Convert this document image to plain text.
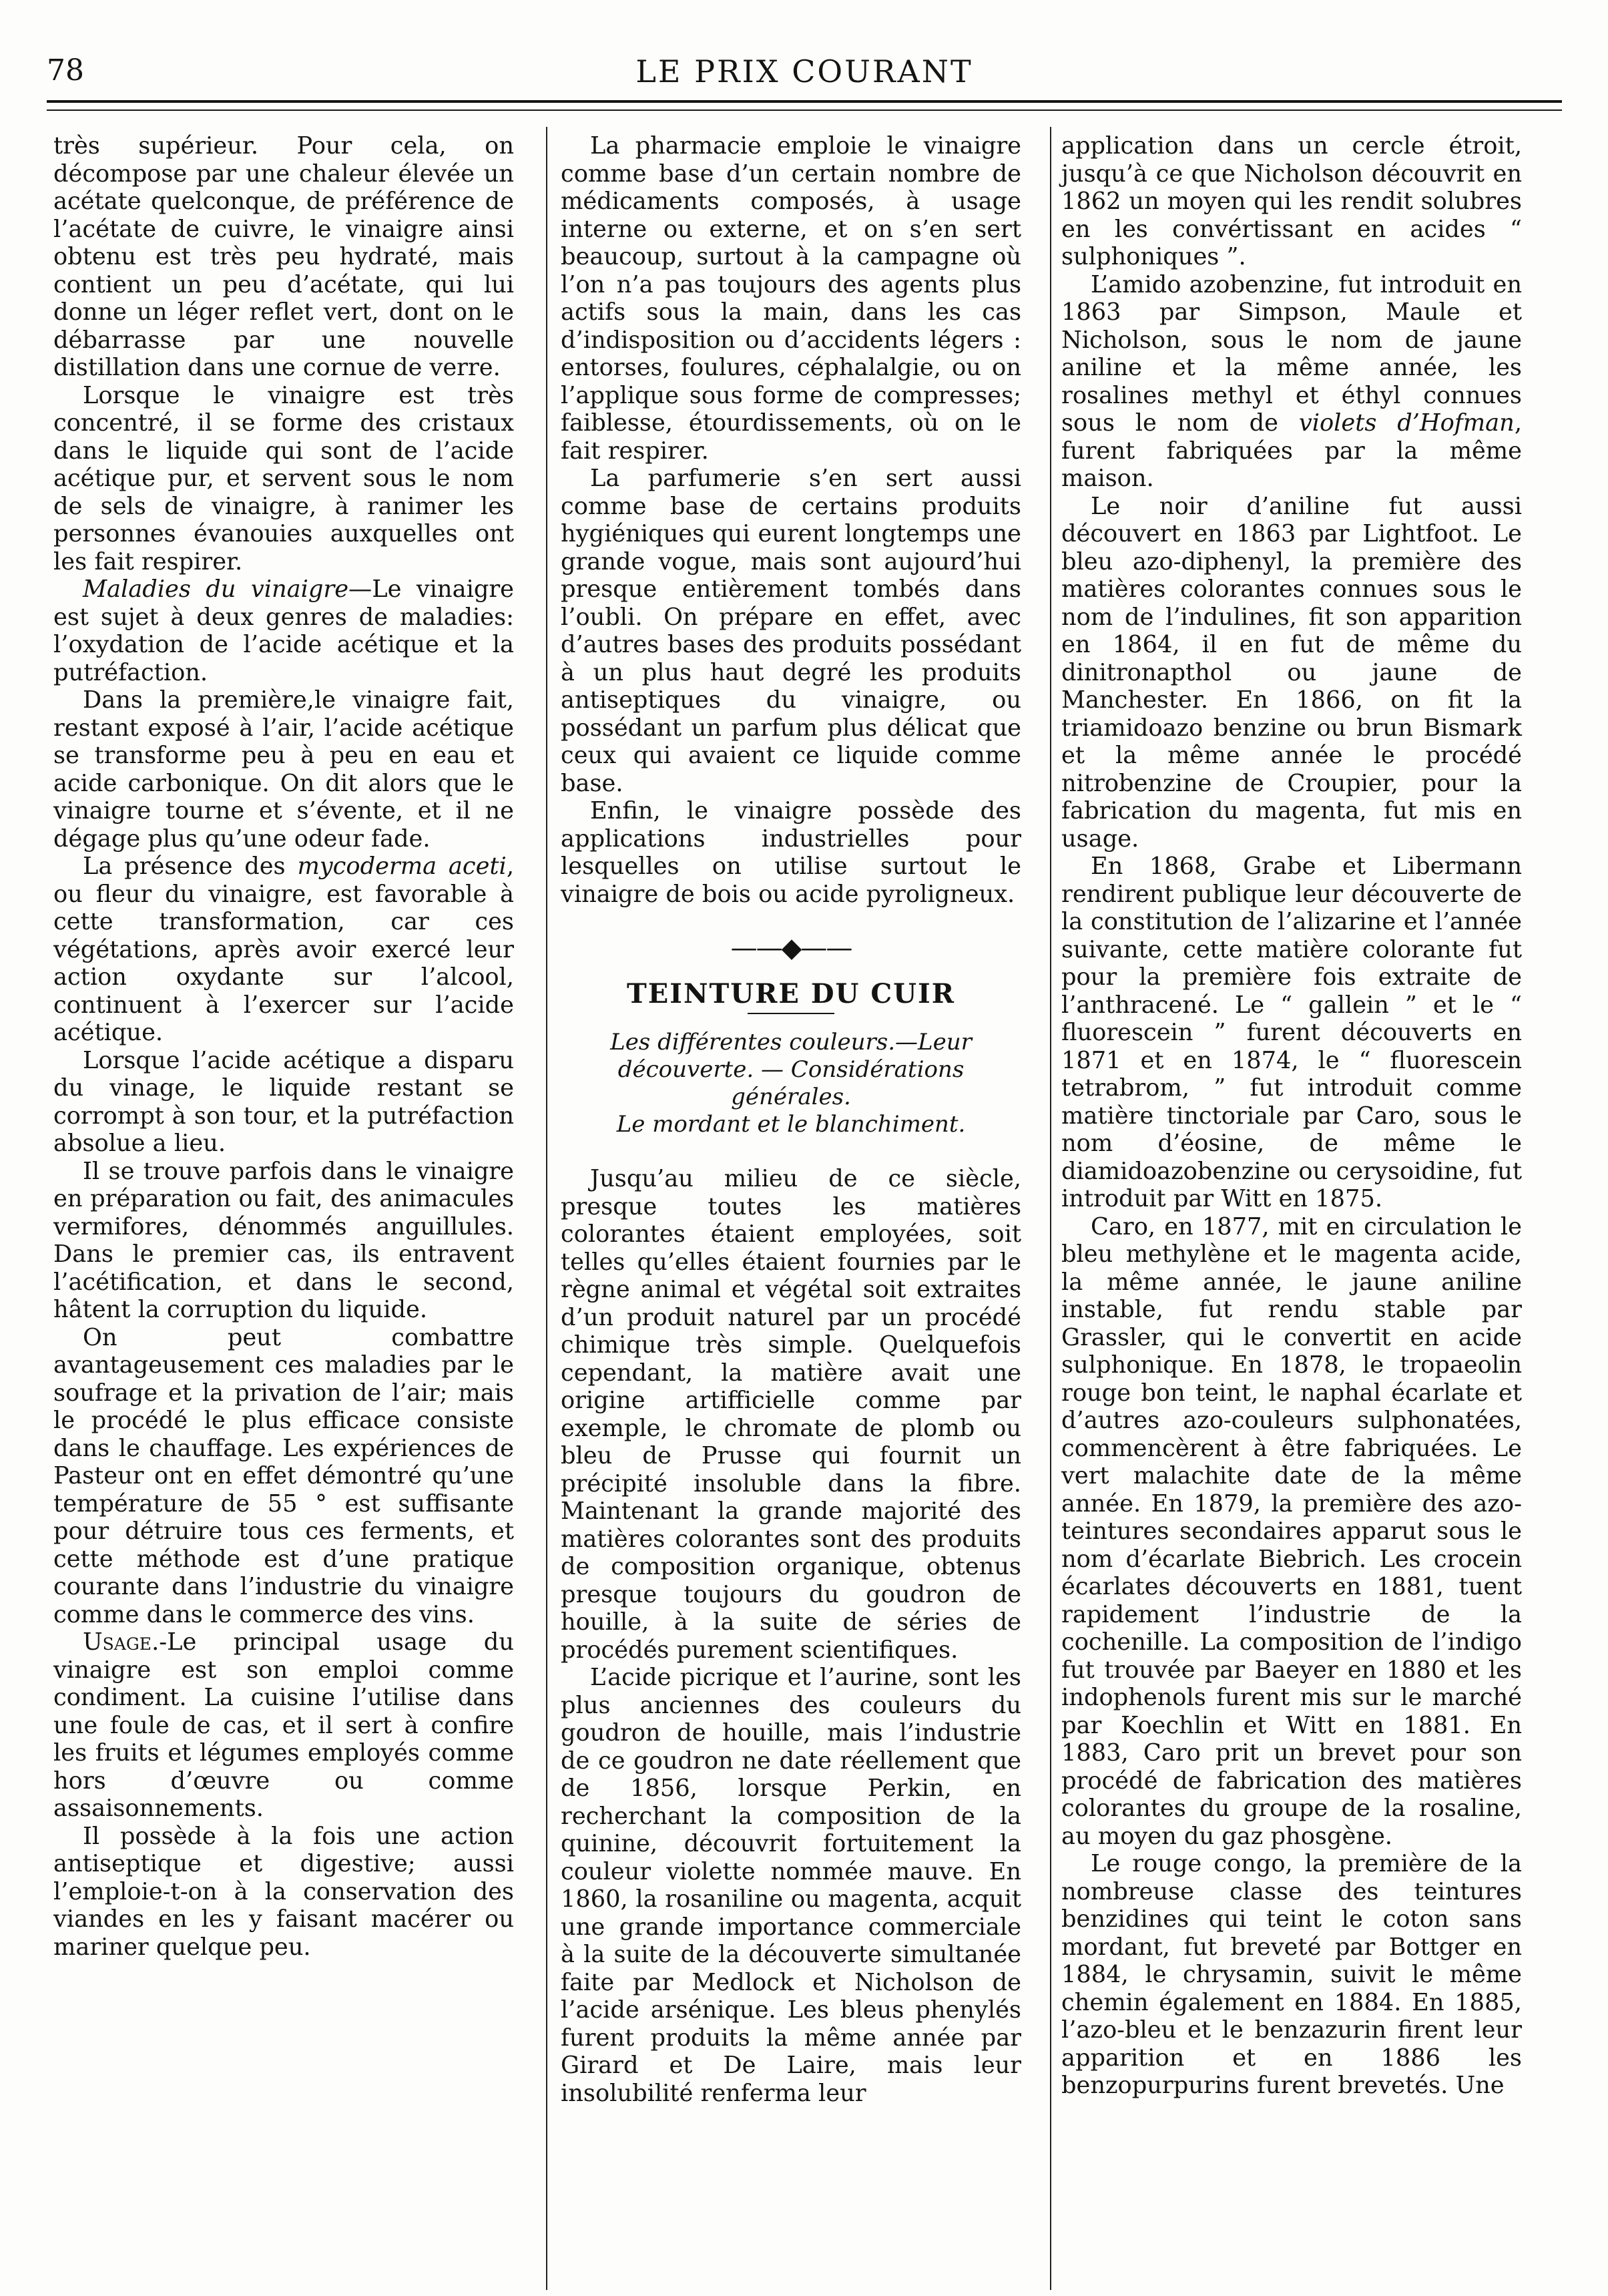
78	LE PRIX COURANT

très supérieur. Pour cela, on décompose par une chaleur élevée un acétate quelconque, de préférence de l’acétate de cuivre, le vinaigre ainsi obtenu est très peu hydraté, mais contient un peu d’acétate, qui lui donne un léger reflet vert, dont on le débarrasse par une nouvelle distillation dans une cornue de verre.

Lorsque le vinaigre est très concentré, il se forme des cristaux dans le liquide qui sont de l’acide acétique pur, et servent sous le nom de sels de vinaigre, à ranimer les personnes évanouies auxquelles ont les fait respirer.

Maladies du vinaigre—Le vinaigre est sujet à deux genres de maladies: l’oxydation de l’acide acétique et la putréfaction.

Dans la première,le vinaigre fait, restant exposé à l’air, l’acide acétique se transforme peu à peu en eau et acide carbonique. On dit alors que le vinaigre tourne et s’évente, et il ne dégage plus qu’une odeur fade.

La présence des mycoderma aceti, ou fleur du vinaigre, est favorable à cette transformation, car ces végétations, après avoir exercé leur action oxydante sur l’alcool, continuent à l’exercer sur l’acide acétique.

Lorsque l’acide acétique a disparu du vinage, le liquide restant se corrompt à son tour, et la putréfaction absolue a lieu.

Il se trouve parfois dans le vinaigre en préparation ou fait, des animacules vermifores, dénommés anguillules. Dans le premier cas, ils entravent l’acétification, et dans le second, hâtent la corruption du liquide.

On peut combattre avantageusement ces maladies par le soufrage et la privation de l’air; mais le procédé le plus efficace consiste dans le chauffage. Les expériences de Pasteur ont en effet démontré qu’une température de 55 ° est suffisante pour détruire tous ces ferments, et cette méthode est d’une pratique courante dans l’industrie du vinaigre comme dans le commerce des vins.

Usage.-Le principal usage du vinaigre est son emploi comme condiment. La cuisine l’utilise dans une foule de cas, et il sert à confire les fruits et légumes employés comme hors d’œuvre ou comme assaisonnements.

Il possède à la fois une action antiseptique et digestive; aussi l’emploie-t-on à la conservation des viandes en les y faisant macérer ou mariner quelque peu.

La pharmacie emploie le vinaigre comme base d’un certain nombre de médicaments composés, à usage interne ou externe, et on s’en sert beaucoup, surtout à la campagne où l’on n’a pas toujours des agents plus actifs sous la main, dans les cas d’indisposition ou d’accidents légers : entorses, foulures, céphalalgie, ou on l’applique sous forme de compresses; faiblesse, étourdissements, où on le fait respirer.

La parfumerie s’en sert aussi comme base de certains produits hygiéniques qui eurent longtemps une grande vogue, mais sont aujourd’hui presque entièrement tombés dans l’oubli. On prépare en effet, avec d’autres bases des produits possédant à un plus haut degré les produits antiseptiques du vinaigre, ou possédant un parfum plus délicat que ceux qui avaient ce liquide comme base.

Enfin, le vinaigre possède des applications industrielles pour lesquelles on utilise surtout le vinaigre de bois ou acide pyroligneux.

——◆——
TEINTURE DU CUIR
Les différentes couleurs.—Leur découverte. — Considérations générales.
Le mordant et le blanchiment.

Jusqu’au milieu de ce siècle, presque toutes les matières colorantes étaient employées, soit telles qu’elles étaient fournies par le règne animal et végétal soit extraites d’un produit naturel par un procédé chimique très simple. Quelquefois cependant, la matière avait une origine artifficielle comme par exemple, le chromate de plomb ou bleu de Prusse qui fournit un précipité insoluble dans la fibre. Maintenant la grande majorité des matières colorantes sont des produits de composition organique, obtenus presque toujours du goudron de houille, à la suite de séries de procédés purement scientifiques.

L’acide picrique et l’aurine, sont les plus anciennes des couleurs du goudron de houille, mais l’industrie de ce goudron ne date réellement que de 1856, lorsque Perkin, en recherchant la composition de la quinine, découvrit fortuitement la couleur violette nommée mauve. En 1860, la rosaniline ou magenta, acquit une grande importance commerciale à la suite de la découverte simultanée faite par Medlock et Nicholson de l’acide arsénique. Les bleus phenylés furent produits la même année par Girard et De Laire, mais leur insolubilité renferma leur

application dans un cercle étroit, jusqu’à ce que Nicholson découvrit en 1862 un moyen qui les rendit solubres en les convértissant en acides “ sulphoniques ”.

L’amido azobenzine, fut introduit en 1863 par Simpson, Maule et Nicholson, sous le nom de jaune aniline et la même année, les rosalines methyl et éthyl connues sous le nom de violets d’Hofman, furent fabriquées par la même maison.

Le noir d’aniline fut aussi découvert en 1863 par Lightfoot. Le bleu azo-diphenyl, la première des matières colorantes connues sous le nom de l’indulines, fit son apparition en 1864, il en fut de même du dinitronapthol ou jaune de Manchester. En 1866, on fit la triamidoazo benzine ou brun Bismark et la même année le procédé nitrobenzine de Croupier, pour la fabrication du magenta, fut mis en usage.

En 1868, Grabe et Libermann rendirent publique leur découverte de la constitution de l’alizarine et l’année suivante, cette matière colorante fut pour la première fois extraite de l’anthracené. Le “ gallein ” et le “ fluorescein ” furent découverts en 1871 et en 1874, le “ fluorescein tetrabrom, ” fut introduit comme matière tinctoriale par Caro, sous le nom d’éosine, de même le diamidoazobenzine ou cerysoidine, fut introduit par Witt en 1875.

Caro, en 1877, mit en circulation le bleu methylène et le magenta acide, la même année, le jaune aniline instable, fut rendu stable par Grassler, qui le convertit en acide sulphonique. En 1878, le tropaeolin rouge bon teint, le naphal écarlate et d’autres azo-couleurs sulphonatées, commencèrent à être fabriquées. Le vert malachite date de la même année. En 1879, la première des azo-teintures secondaires apparut sous le nom d’écarlate Biebrich. Les crocein écarlates découverts en 1881, tuent rapidement l’industrie de la cochenille. La composition de l’indigo fut trouvée par Baeyer en 1880 et les indophenols furent mis sur le marché par Koechlin et Witt en 1881. En 1883, Caro prit un brevet pour son procédé de fabrication des matières colorantes du groupe de la rosaline, au moyen du gaz phosgène.

Le rouge congo, la première de la nombreuse classe des teintures benzidines qui teint le coton sans mordant, fut breveté par Bottger en 1884, le chrysamin, suivit le même chemin également en 1884. En 1885, l’azo-bleu et le benzazurin firent leur apparition et en 1886 les benzopurpurins furent brevetés. Une
